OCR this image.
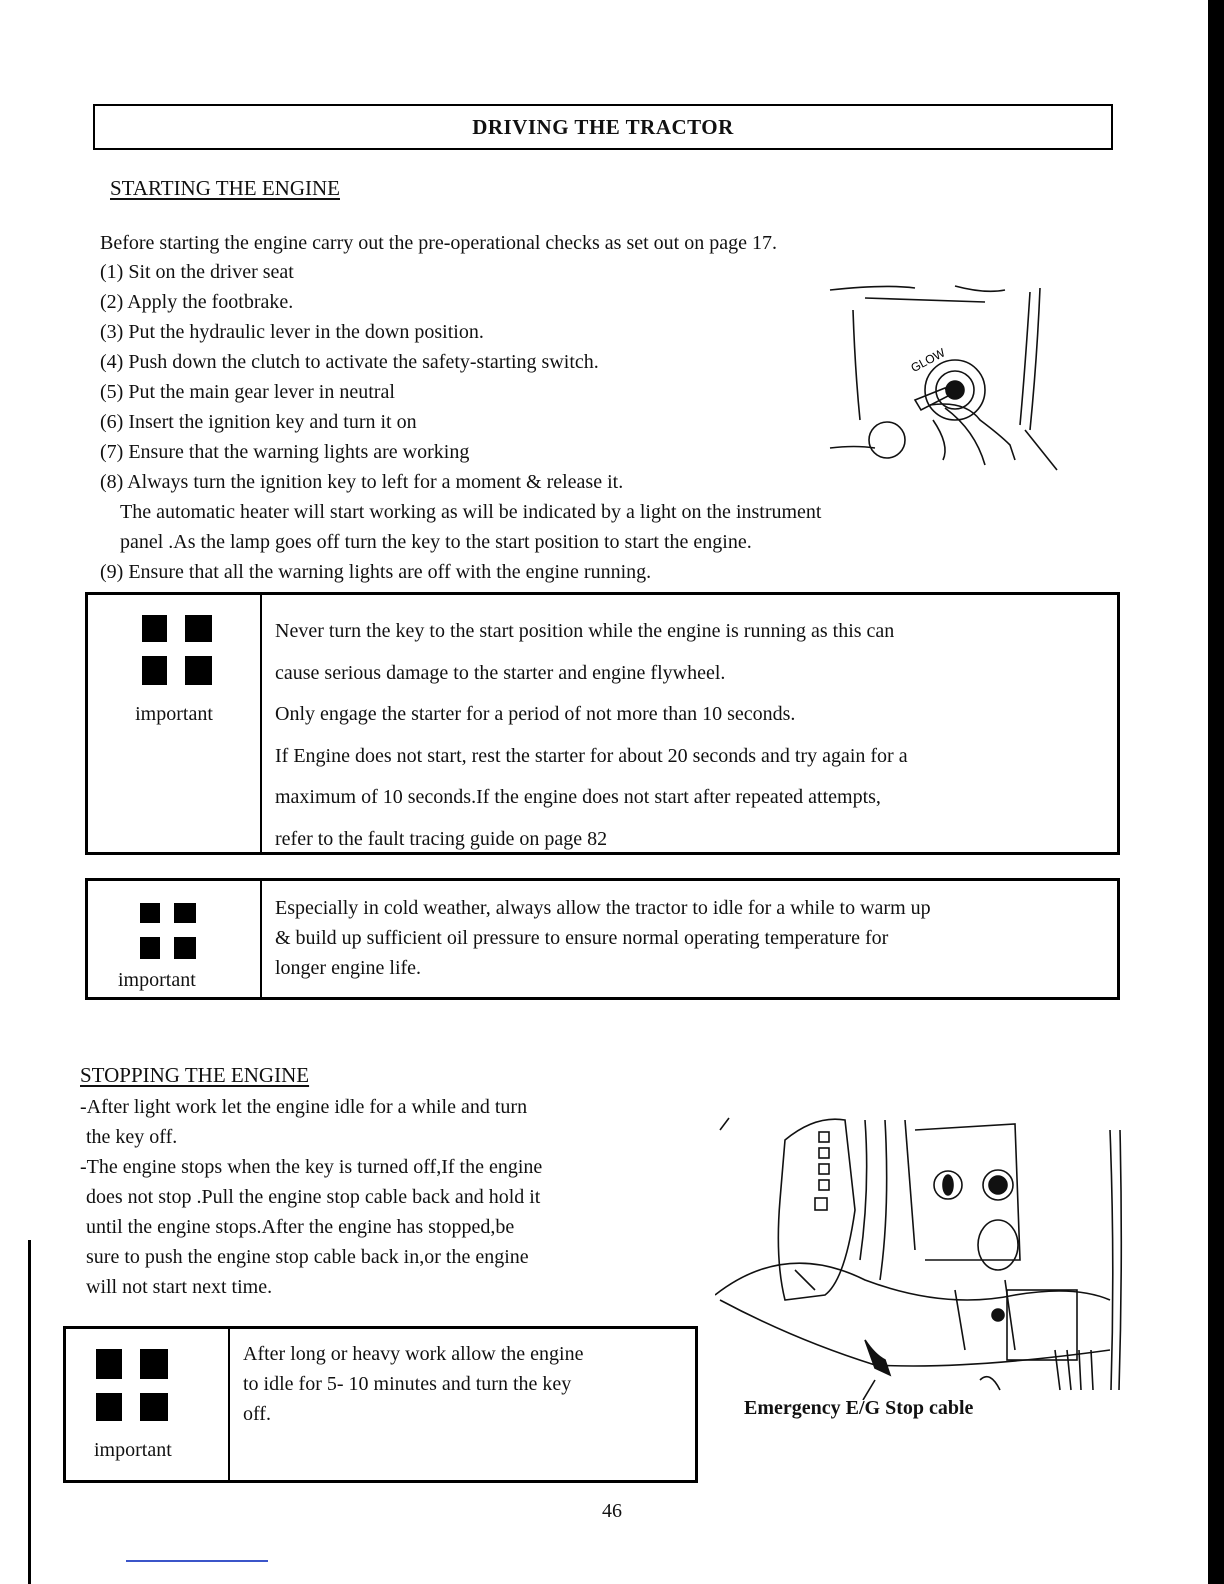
DRIVING THE TRACTOR
STARTING THE ENGINE
Before starting the engine carry out the pre-operational checks as set out on page 17.
(1) Sit on the driver seat
(2) Apply the footbrake.
(3) Put the hydraulic lever in the down position.
(4) Push down the clutch to activate the safety-starting switch.
(5) Put the main gear lever in neutral
(6) Insert the ignition key and turn it on
(7) Ensure that the warning lights are working
(8) Always turn the ignition key to left for a moment & release it.
The automatic heater will start working as will be indicated by a light on the instrument
panel .As the lamp goes off turn the key to the start position to start the engine.
(9) Ensure that all the warning lights are off with the engine running.
GLOW
important
Never turn the key to the start position while the engine is running as this can
cause serious damage to the starter and engine flywheel.
Only engage the starter for a period of not more than 10 seconds.
If Engine does not start, rest the starter for about 20 seconds and try again for a
maximum of 10 seconds.If the engine does not start after repeated attempts,
refer to the fault tracing guide on page 82
important
Especially in cold weather, always allow the tractor to idle for a while to warm up
& build up sufficient oil pressure to ensure normal operating temperature for
longer engine life.
STOPPING THE ENGINE
-After light work let the engine idle for a while and turn
the key off.
-The engine stops when the key is turned off,If the engine
does not stop .Pull the engine stop cable back and hold it
until the engine stops.After the engine has stopped,be
sure to push the engine stop cable back in,or the engine
will not start next time.
Emergency E/G Stop cable
important
After long or heavy work allow the engine
to idle for 5- 10 minutes and turn the key
off.
46
